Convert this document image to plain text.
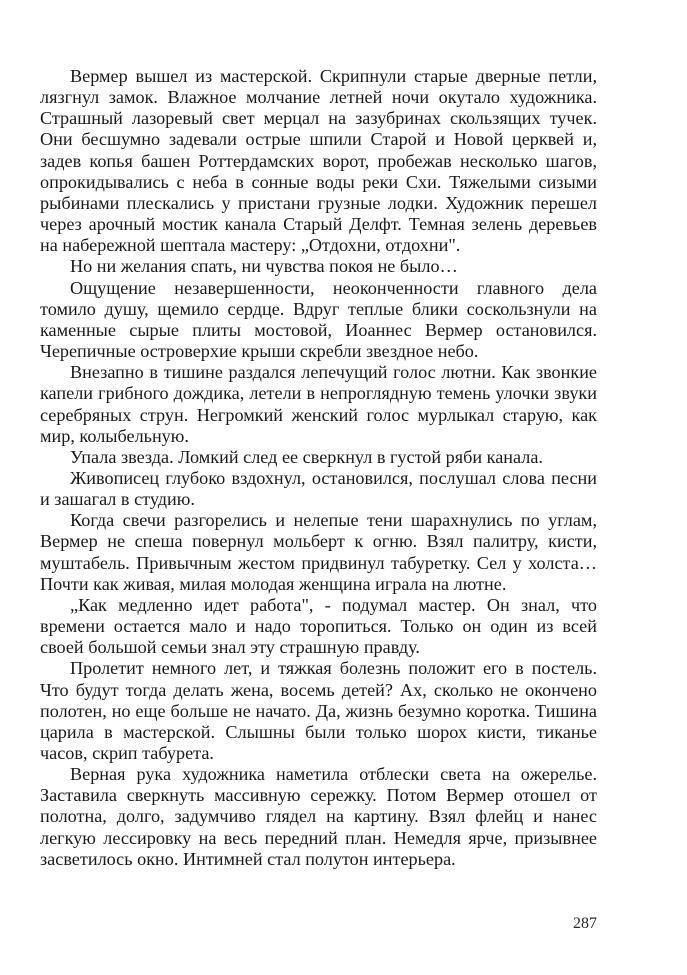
Вермер вышел из мастерской. Скрипнули старые дверные петли, лязгнул замок. Влажное молчание летней ночи окутало художника. Страшный лазоревый свет мерцал на зазубринах скользящих тучек. Они бесшумно задевали острые шпили Старой и Новой церквей и, задев копья башен Роттердамских ворот, пробежав несколько шагов, опрокидывались с неба в сонные воды реки Схи. Тяжелыми сизыми рыбинами плескались у пристани грузные лодки. Художник перешел через арочный мостик канала Старый Делфт. Темная зелень деревьев на набережной шептала мастеру: „Отдохни, отдохни".

Но ни желания спать, ни чувства покоя не было…

Ощущение незавершенности, неоконченности главного дела томило душу, щемило сердце. Вдруг теплые блики соскользнули на каменные сырые плиты мостовой, Иоаннес Вермер остановился. Черепичные островерхие крыши скребли звездное небо.

Внезапно в тишине раздался лепечущий голос лютни. Как звонкие капели грибного дождика, летели в непроглядную темень улочки звуки серебряных струн. Негромкий женский голос мурлыкал старую, как мир, колыбельную.

Упала звезда. Ломкий след ее сверкнул в густой ряби канала.

Живописец глубоко вздохнул, остановился, послушал слова песни и зашагал в студию.

Когда свечи разгорелись и нелепые тени шарахнулись по углам, Вермер не спеша повернул мольберт к огню. Взял палитру, кисти, муштабель. Привычным жестом придвинул табуретку. Сел у холста… Почти как живая, милая молодая женщина играла на лютне.

„Как медленно идет работа", - подумал мастер. Он знал, что времени остается мало и надо торопиться. Только он один из всей своей большой семьи знал эту страшную правду.

Пролетит немного лет, и тяжкая болезнь положит его в постель. Что будут тогда делать жена, восемь детей? Ах, сколько не окончено полотен, но еще больше не начато. Да, жизнь безумно коротка. Тишина царила в мастерской. Слышны были только шорох кисти, тиканье часов, скрип табурета.

Верная рука художника наметила отблески света на ожерелье. Заставила сверкнуть массивную сережку. Потом Вермер отошел от полотна, долго, задумчиво глядел на картину. Взял флейц и нанес легкую лессировку на весь передний план. Немедля ярче, призывнее засветилось окно. Интимней стал полутон интерьера.

287
